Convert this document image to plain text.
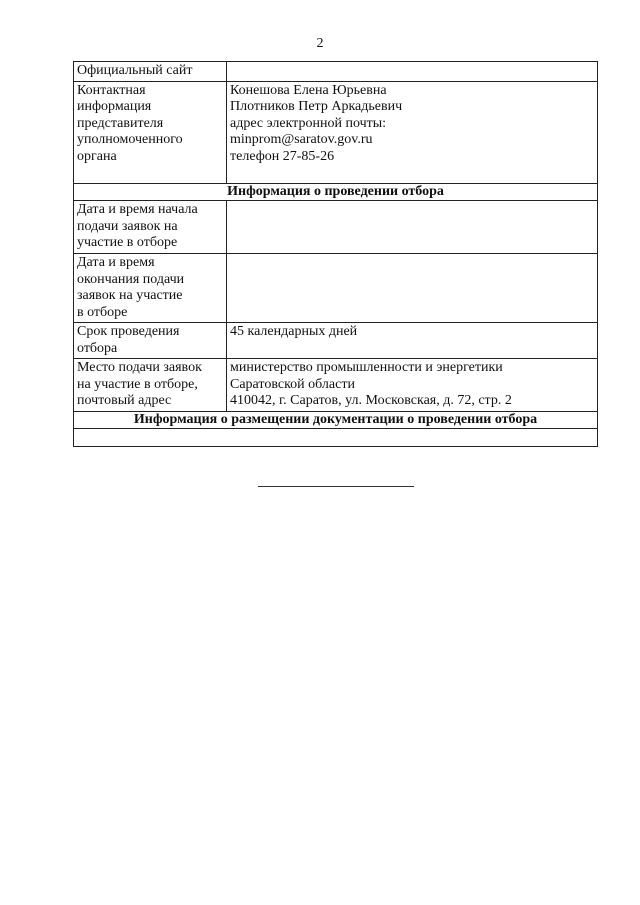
2
Официальный сайт	

Контактная
информация
представителя
уполномоченного
органа	Конешова Елена Юрьевна
Плотников Петр Аркадьевич
адрес электронной почты:
minprom@saratov.gov.ru
телефон 27-85-26

Информация о проведении отбора	

Дата и время начала
подачи заявок на
участие в отборе	

Дата и время
окончания подачи
заявок на участие
в отборе	

Срок проведения
отбора	45 календарных дней

Место подачи заявок
на участие в отборе,
почтовый адрес	министерство промышленности и энергетики
Саратовской области
410042, г. Саратов, ул. Московская, д. 72, стр. 2

Информация о размещении документации о проведении отбора	
